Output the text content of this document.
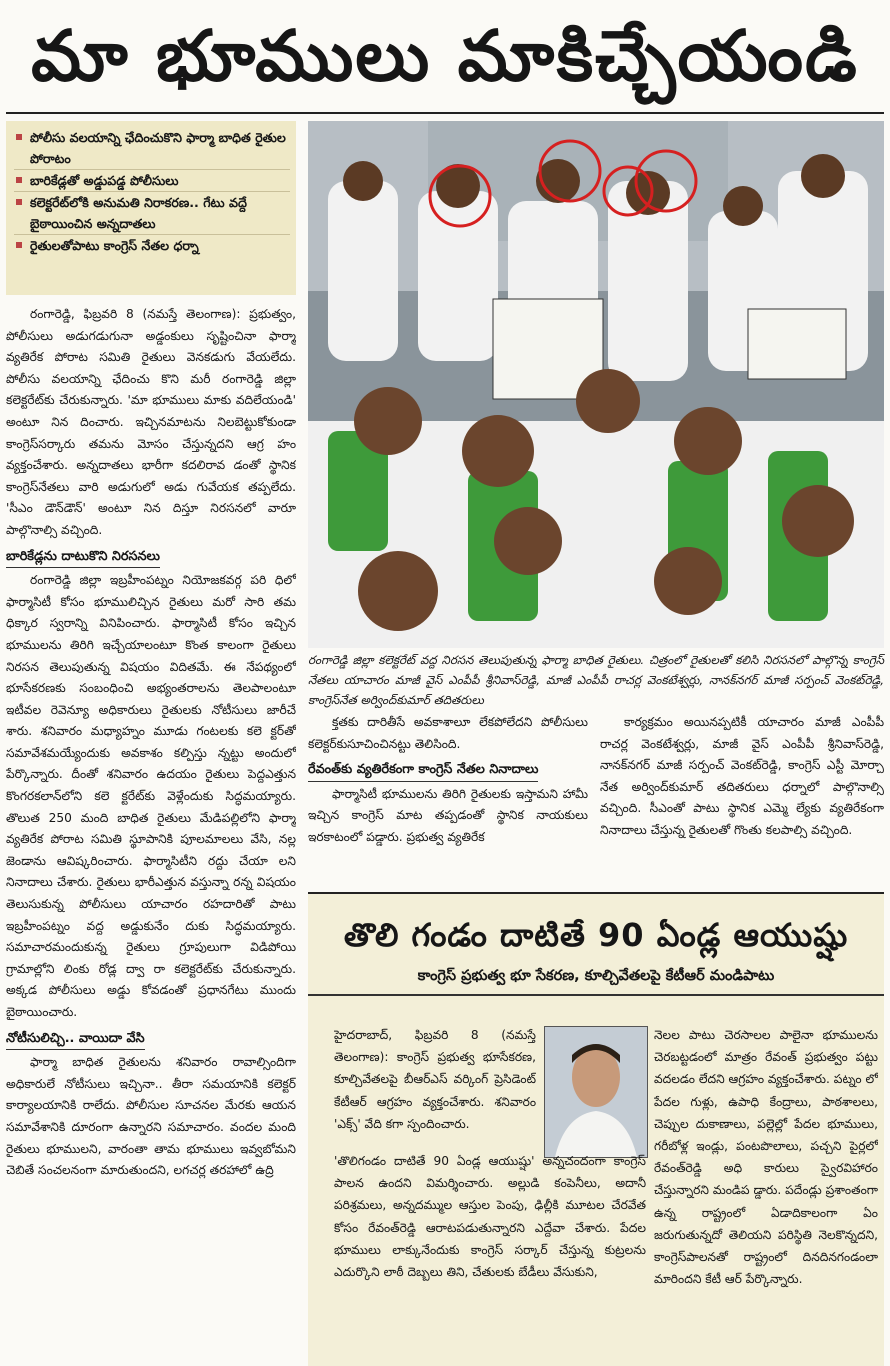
మా భూములు మాకిచ్చేయండి
పోలీసు వలయాన్ని ఛేదించుకొని ఫార్మా బాధిత రైతుల పోరాటం
బారికేడ్లతో అడ్డుపడ్డ పోలీసులు
కలెక్టరేట్‌లోకి అనుమతి నిరాకరణ.. గేటు వద్దే బైఠాయించిన అన్నదాతలు
రైతులతోపాటు కాంగ్రెస్ నేతల ధర్నా

రంగారెడ్డి, ఫిబ్రవరి 8 (నమస్తే తెలంగాణ): ప్రభుత్వం, పోలీసులు అడుగడుగునా అడ్డంకులు సృష్టించినా ఫార్మా వ్యతిరేక పోరాట సమితి రైతులు వెనకడుగు వేయలేదు. పోలీసు వలయాన్ని ఛేదించు కొని మరీ రంగారెడ్డి జిల్లా కలెక్టరేట్‌కు చేరుకున్నారు. 'మా భూములు మాకు వదిలేయండి' అంటూ నిన దించారు. ఇచ్చినమాటను నిలబెట్టుకోకుండా కాంగ్రెస్‌సర్కారు తమను మోసం చేస్తున్నదని ఆగ్ర హం వ్యక్తంచేశారు. అన్నదాతలు భారీగా కదలిరావ డంతో స్థానిక కాంగ్రెస్‌నేతలు వారి అడుగులో అడు గువేయక తప్పలేదు. 'సీఎం డౌన్‌డౌన్' అంటూ నిన దిస్తూ నిరసనలో వారూ పాల్గొనాల్సి వచ్చింది.

బారికేడ్లను దాటుకొని నిరసనలు

రంగారెడ్డి జిల్లా ఇబ్రహీంపట్నం నియోజకవర్గ పరి ధిలో ఫార్మాసిటీ కోసం భూములిచ్చిన రైతులు మరో సారి తమ ధిక్కార స్వరాన్ని వినిపించారు. ఫార్మాసిటీ కోసం ఇచ్చిన భూములను తిరిగి ఇచ్చేయాలంటూ కొంత కాలంగా రైతులు నిరసన తెలుపుతున్న విషయం విదితమే. ఈ నేపథ్యంలో భూసేకరణకు సంబంధించి అభ్యంతరాలను తెలపాలంటూ ఇటీవల రెవెన్యూ అధికారులు రైతులకు నోటీసులు జారీచే శారు. శనివారం మధ్యాహ్నం మూడు గంటలకు కలె క్టర్‌తో సమావేశమయ్యేందుకు అవకాశం కల్పిస్తు న్నట్టు అందులో పేర్కొన్నారు. దీంతో శనివారం ఉదయం రైతులు పెద్దఎత్తున కొంగరకలాన్‌లోని కలె క్టరేట్‌కు వెళ్లేందుకు సిద్ధమయ్యారు. తొలుత 250 మంది బాధిత రైతులు మేడిపల్లిలోని ఫార్మా వ్యతిరేక పోరాట సమితి స్థూపానికి పూలమాలలు వేసి, నల్ల జెండాను ఆవిష్కరించారు. ఫార్మాసిటీని రద్దు చేయా లని నినాదాలు చేశారు. రైతులు భారీఎత్తున వస్తున్నా రన్న విషయం తెలుసుకున్న పోలీసులు యాచారం రహదారితో పాటు ఇబ్రహీంపట్నం వద్ద అడ్డుకునేం దుకు సిద్ధమయ్యారు. సమాచారమందుకున్న రైతులు గ్రూపులుగా విడిపోయి గ్రామాల్లోని లింకు రోడ్ల ద్వా రా కలెక్టరేట్‌కు చేరుకున్నారు. అక్కడ పోలీసులు అడ్డు కోవడంతో ప్రధానగేటు ముందు బైఠాయించారు.

నోటీసులిచ్చి.. వాయిదా వేసి

ఫార్మా బాధిత రైతులను శనివారం రావాల్సిందిగా అధికారులే నోటీసులు ఇచ్చినా.. తీరా సమయానికి కలెక్టర్ కార్యాలయానికి రాలేదు. పోలీసుల సూచనల మేరకు ఆయన సమావేశానికి దూరంగా ఉన్నారని సమాచారం. వందల మంది రైతులు భూములని, వారంతా తామ భూములు ఇవ్వబోమని చెబితే సంచలనంగా మారుతుందని, లగచర్ల తరహాలో ఉద్రి

రంగారెడ్డి జిల్లా కలెక్టరేట్ వద్ద నిరసన తెలుపుతున్న ఫార్మా బాధిత రైతులు. చిత్రంలో రైతులతో కలిసి నిరసనలో పాల్గొన్న కాంగ్రెస్ నేతలు యాచారం మాజీ వైస్ ఎంపీపీ శ్రీనివాస్‌రెడ్డి, మాజీ ఎంపీపీ రాచర్ల వెంకటేశ్వర్లు, నానక్‌నగర్ మాజీ సర్పంచ్ వెంకట్‌రెడ్డి, కాంగ్రెస్‌నేత అర్వింద్‌కుమార్ తదితరులు

క్తతకు దారితీసే అవకాశాలూ లేకపోలేదని పోలీసులు కలెక్టర్‌కుసూచించినట్టు తెలిసింది.

రేవంత్‌కు వ్యతిరేకంగా కాంగ్రెస్ నేతల నినాదాలు

ఫార్మాసిటీ భూములను తిరిగి రైతులకు ఇస్తామని హామీ ఇచ్చిన కాంగ్రెస్ మాట తప్పడంతో స్థానిక నాయకులు ఇరకాటంలో పడ్డారు. ప్రభుత్వ వ్యతిరేక

కార్యక్రమం అయినప్పటికీ యాచారం మాజీ ఎంపీపీ రాచర్ల వెంకటేశ్వర్లు, మాజీ వైస్ ఎంపీపీ శ్రీనివాస్‌రెడ్డి, నానక్‌నగర్ మాజీ సర్పంచ్ వెంకట్‌రెడ్డి, కాంగ్రెస్ ఎస్టీ మోర్చా నేత అర్వింద్‌కుమార్ తదితరులు ధర్నాలో పాల్గొనాల్సి వచ్చింది. సీఎంతో పాటు స్థానిక ఎమ్మె ల్యేకు వ్యతిరేకంగా నినాదాలు చేస్తున్న రైతులతో గొంతు కలపాల్సి వచ్చింది.

తొలి గండం దాటితే 90 ఏండ్ల ఆయుష్షు
కాంగ్రెస్ ప్రభుత్వ భూ సేకరణ, కూల్చివేతలపై కేటీఆర్ మండిపాటు

హైదరాబాద్, ఫిబ్రవరి 8 (నమస్తే తెలంగాణ): కాంగ్రెస్ ప్రభుత్వ భూసేకరణ, కూల్చివేతలపై బీఆర్‌ఎస్ వర్కింగ్ ప్రెసిడెంట్ కేటీఆర్ ఆగ్రహం వ్యక్తంచేశారు. శనివారం 'ఎక్స్' వేది కగా స్పందించారు.

'తొలిగండం దాటితే 90 ఏండ్ల ఆయుష్షు' అన్నచందంగా కాంగ్రెస్ పాలన ఉందని విమర్శించారు. అల్లుడి కంపెనీలు, అదానీ పరిశ్రమలు, అన్నదమ్ముల ఆస్తుల పెంపు, ఢిల్లీకి మూటల చేరవేత కోసం రేవంత్‌రెడ్డి ఆరాటపడుతున్నారని ఎద్దేవా చేశారు. పేదల భూములు లాక్కునేందుకు కాంగ్రెస్ సర్కార్ చేస్తున్న కుట్రలను ఎదుర్కొని లాఠీ దెబ్బలు తిని, చేతులకు బేడీలు వేసుకుని,

నెలల పాటు చెరసాలల పాలైనా భూములను చెరబట్టడంలో మాత్రం రేవంత్ ప్రభుత్వం పట్టు వదలడం లేదని ఆగ్రహం వ్యక్తంచేశారు. పట్నం లో పేదల గుళ్లు, ఉపాధి కేంద్రాలు, పాఠశాలలు, చెప్పుల దుకాణాలు, పల్లెల్లో పేదల భూములు, గరీబోళ్ల ఇండ్లు, పంటపొలాలు, పచ్చని పైర్లలో రేవంత్‌రెడ్డి అధి కారులు స్వైరవిహారం చేస్తున్నారని మండిప డ్డారు. పదేండ్లు ప్రశాంతంగా ఉన్న రాష్ట్రంలో ఏడాదికాలంగా ఏం జరుగుతున్నదో తెలియని పరిస్థితి నెలకొన్నదని, కాంగ్రెస్‌పాలనతో రాష్ట్రంలో దినదినగండంలా మారిందని కేటీ ఆర్ పేర్కొన్నారు.
